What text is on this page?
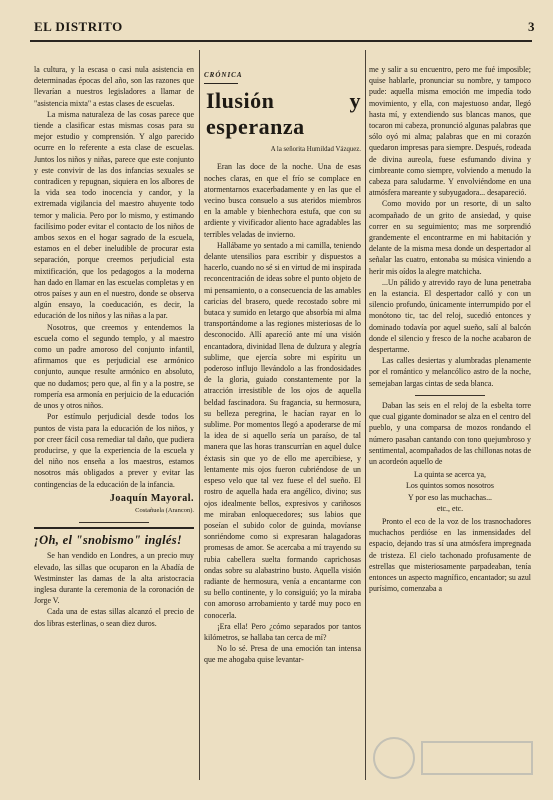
EL DISTRITO	3

la cultura, y la escasa o casi nula asistencia en determinadas épocas del año, son las razones que llevarían a nuestros legisladores a llamar de "asistencia mixta" a estas clases de escuelas.

La misma naturaleza de las cosas parece que tiende a clasificar estas mismas cosas para su mejor estudio y comprensión. Y algo parecido ocurre en lo referente a esta clase de escuelas. Juntos los niños y niñas, parece que este conjunto y este convivir de las dos infancias sexuales se contradicen y repugnan, siquiera en los albores de la vida sea todo inocencia y candor, y la extremada vigilancia del maestro ahuyente todo temor y malicia. Pero por lo mismo, y estimando facilísimo poder evitar el contacto de los niños de ambos sexos en el hogar sagrado de la escuela, estamos en el deber ineludible de procurar esta separación, porque creemos perjudicial esta mixtificación, que los pedagogos a la moderna han dado en llamar en las escuelas completas y en otros países y aun en el nuestro, donde se observa algún ensayo, la coeducación, es decir, la educación de los niños y las niñas a la par.

Nosotros, que creemos y entendemos la escuela como el segundo templo, y al maestro como un padre amoroso del conjunto infantil, afirmamos que es perjudicial ese armónico conjunto, aunque resulte armónico en absoluto, que no dudamos; pero que, al fin y a la postre, se rompería esa armonía en perjuicio de la educación de unos y otros niños.

Por estímulo perjudicial desde todos los puntos de vista para la educación de los niños, y por creer fácil cosa remediar tal daño, que pudiera producirse, y que la experiencia de la escuela y del niño nos enseña a los maestros, estamos nosotros más obligados a prever y evitar las contingencias de la educación de la infancia.

Joaquín Mayoral.
Costañuela (Arancon).
¡Oh, el "snobismo" inglés!

Se han vendido en Londres, a un precio muy elevado, las sillas que ocuparon en la Abadía de Westminster las damas de la alta aristocracia inglesa durante la ceremonia de la coronación de Jorge V.

Cada una de estas sillas alcanzó el precio de dos libras esterlinas, o sean diez duros.

CRÓNICA
Ilusión y esperanza
A la señorita Humildad Vázquez.

Eran las doce de la noche. Una de esas noches claras, en que el frío se complace en atormentarnos exacerbadamente y en las que el vecino busca consuelo a sus ateridos miembros en la amable y bienhechora estufa, que con su ardiente y vivificador aliento hace agradables las terribles veladas de invierno.

Hallábame yo sentado a mi camilla, teniendo delante utensilios para escribir y dispuestos a hacerlo, cuando no sé si en virtud de mi inspirada reconcentración de ideas sobre el punto objeto de mi pensamiento, o a consecuencia de las amables caricias del brasero, quede recostado sobre mi butaca y sumido en letargo que absorbía mi alma transportándome a las regiones misteriosas de lo desconocido. Allí aparecíó ante mí una visión encantadora, divinidad llena de dulzura y alegría sublime, que ejercía sobre mi espíritu un poderoso influjo llevándolo a las frondosidades de la gloria, guiado constantemente por la atracción irresistible de los ojos de aquella beldad fascinadora. Su fragancia, su hermosura, su belleza peregrina, le hacían rayar en lo sublime. Por momentos llegó a apoderarse de mí la idea de si aquello sería un paraíso, de tal manera que las horas transcurrían en aquel dulce éxtasis sin que yo de ello me apercibiese, y lentamente mis ojos fueron cubriéndose de un espeso velo que tal vez fuese el del sueño. El rostro de aquella hada era angélico, divino; sus ojos idealmente bellos, expresivos y cariñosos me miraban enloquecedores; sus labios que poseían el subido color de guinda, movíanse sonriéndome como si expresaran halagadoras promesas de amor. Se acercaba a mí trayendo su rubia cabellera suelta formando caprichosas ondas sobre su alabastrino busto. Aquella visión radiante de hermosura, venía a encantarme con su bello continente, y lo consiguió; yo la miraba con amoroso arrobamiento y tardé muy poco en conocerla.

¡Era ella! Pero ¿cómo separados por tantos kilómetros, se hallaba tan cerca de mí?

No lo sé. Presa de una emoción tan intensa que me ahogaba quise levantar-

me y salir a su encuentro, pero me fué imposible; quise hablarle, pronunciar su nombre, y tampoco pude: aquella misma emoción me impedía todo movimiento, y ella, con majestuoso andar, llegó hasta mí, y extendiendo sus blancas manos, que tocaron mi cabeza, pronunció algunas palabras que sólo oyó mi alma; palabras que en mi corazón quedaron impresas para siempre. Después, rodeada de divina aureola, fuese esfumando divina y cimbreante como siempre, volviendo a menudo la cabeza para saludarme. Y envolviéndome en una atmósfera mareante y subyugadora... desapareció.

Como movido por un resorte, di un salto acompañado de un grito de ansiedad, y quise correr en su seguimiento; mas me sorprendió grandemente el encontrarme en mi habitación y delante de la misma mesa donde un despertador al señalar las cuatro, entonaba su música viniendo a herir mis oídos la alegre matchicha.

...Un pálido y atrevido rayo de luna penetraba en la estancia. El despertador calló y con un silencio profundo, únicamente interrumpido por el monótono tic, tac del reloj, sucedió entonces y dominado todavía por aquel sueño, salí al balcón donde el silencio y fresco de la noche acabaron de despertarme.

Las calles desiertas y alumbradas plenamente por el romántico y melancólico astro de la noche, semejaban largas cintas de seda blanca.

Daban las seis en el reloj de la esbelta torre que cual gigante dominador se alza en el centro del pueblo, y una comparsa de mozos rondando el número pasaban cantando con tono quejumbroso y sentimental, acompañados de las chillonas notas de un acordeón aquello de

La quinta se acerca ya,
Los quintos somos nosotros
Y por eso las muchachas...
etc., etc.

Pronto el eco de la voz de los trasnochadores muchachos perdióse en las inmensidades del espacio, dejando tras sí una atmósfera impregnada de tristeza. El cielo tachonado profusamente de estrellas que misteriosamente parpadeaban, tenía entonces un aspecto magnífico, encantador; su azul purísimo, comenzaba a
